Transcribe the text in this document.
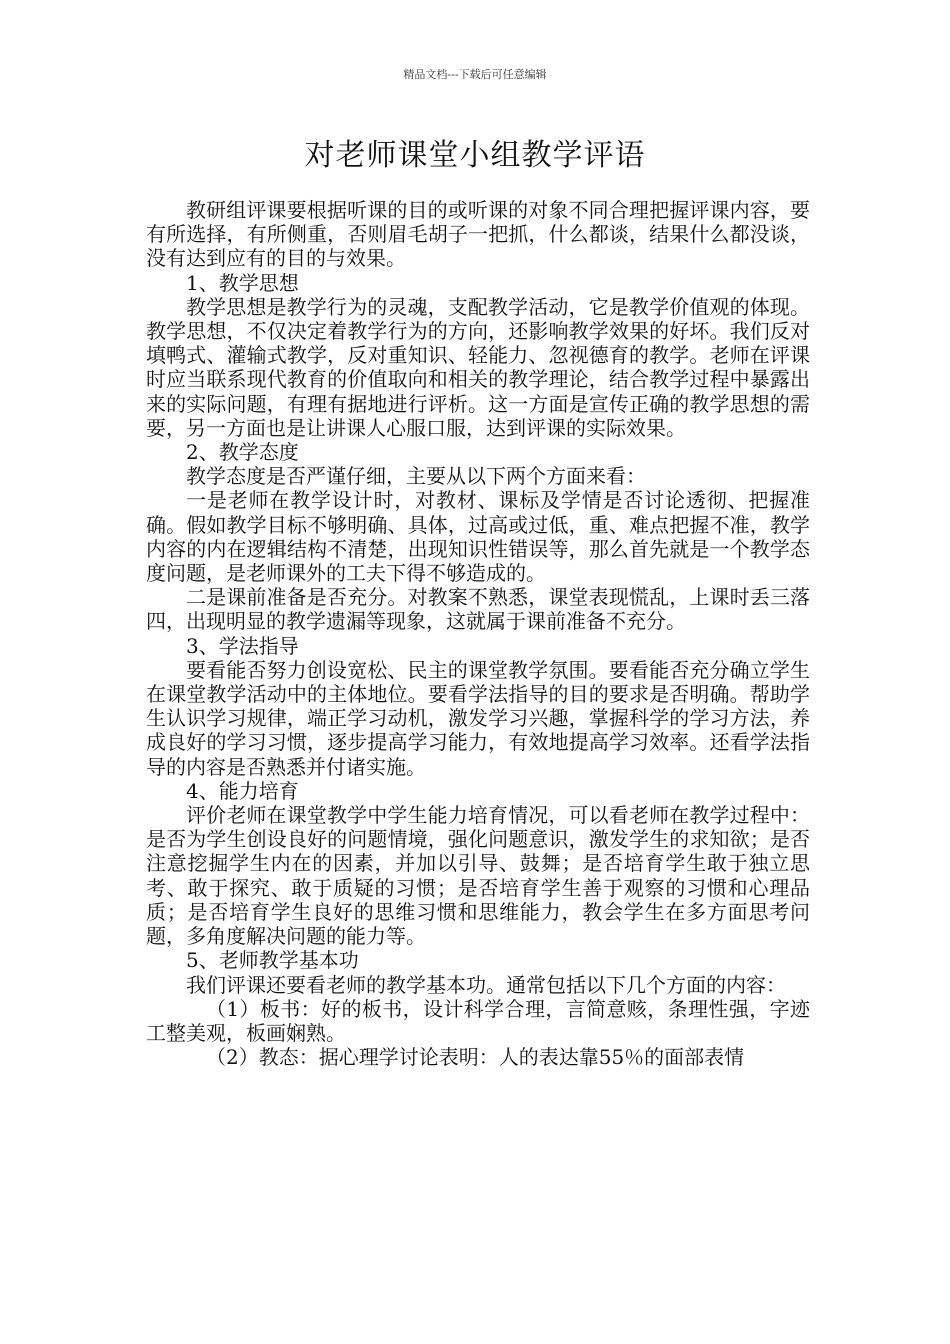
精品文档---下载后可任意编辑
对老师课堂小组教学评语

教研组评课要根据听课的目的或听课的对象不同合理把握评课内容，要有所选择，有所侧重，否则眉毛胡子一把抓，什么都谈，结果什么都没谈，没有达到应有的目的与效果。

1、教学思想

教学思想是教学行为的灵魂，支配教学活动，它是教学价值观的体现。教学思想，不仅决定着教学行为的方向，还影响教学效果的好坏。我们反对填鸭式、灌输式教学，反对重知识、轻能力、忽视德育的教学。老师在评课时应当联系现代教育的价值取向和相关的教学理论，结合教学过程中暴露出来的实际问题，有理有据地进行评析。这一方面是宣传正确的教学思想的需要，另一方面也是让讲课人心服口服，达到评课的实际效果。

2、教学态度

教学态度是否严谨仔细，主要从以下两个方面来看：

一是老师在教学设计时，对教材、课标及学情是否讨论透彻、把握准确。假如教学目标不够明确、具体，过高或过低，重、难点把握不准，教学内容的内在逻辑结构不清楚，出现知识性错误等，那么首先就是一个教学态度问题，是老师课外的工夫下得不够造成的。

二是课前准备是否充分。对教案不熟悉，课堂表现慌乱，上课时丢三落四，出现明显的教学遗漏等现象，这就属于课前准备不充分。

3、学法指导

要看能否努力创设宽松、民主的课堂教学氛围。要看能否充分确立学生在课堂教学活动中的主体地位。要看学法指导的目的要求是否明确。帮助学生认识学习规律，端正学习动机，激发学习兴趣，掌握科学的学习方法，养成良好的学习习惯，逐步提高学习能力，有效地提高学习效率。还看学法指导的内容是否熟悉并付诸实施。

4、能力培育

评价老师在课堂教学中学生能力培育情况，可以看老师在教学过程中：是否为学生创设良好的问题情境，强化问题意识，激发学生的求知欲；是否注意挖掘学生内在的因素，并加以引导、鼓舞；是否培育学生敢于独立思考、敢于探究、敢于质疑的习惯；是否培育学生善于观察的习惯和心理品质；是否培育学生良好的思维习惯和思维能力，教会学生在多方面思考问题，多角度解决问题的能力等。

5、老师教学基本功

我们评课还要看老师的教学基本功。通常包括以下几个方面的内容：

（1）板书：好的板书，设计科学合理，言简意赅，条理性强，字迹工整美观，板画娴熟。

（2）教态：据心理学讨论表明：人的表达靠55％的面部表情
